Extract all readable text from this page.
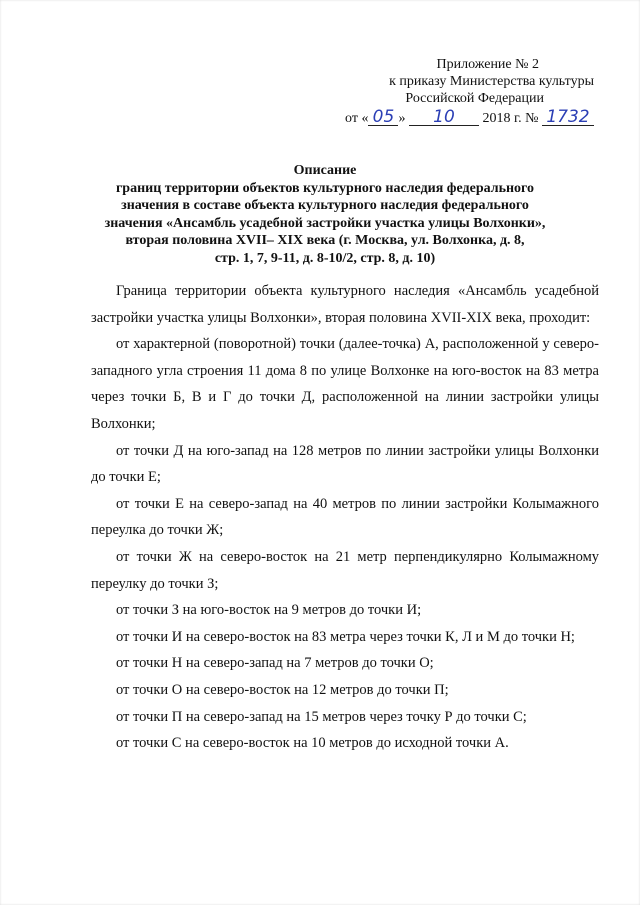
Приложение № 2
к приказу Министерства культуры
Российской Федерации
от « 05 » 10 2018 г. № 1732
Описание
границ территории объектов культурного наследия федерального
значения в составе объекта культурного наследия федерального
значения «Ансамбль усадебной застройки участка улицы Волхонки»,
вторая половина XVII– XIX века (г. Москва, ул. Волхонка, д. 8,
стр. 1, 7, 9-11, д. 8-10/2, стр. 8, д. 10)

Граница территории объекта культурного наследия «Ансамбль усадебной застройки участка улицы Волхонки», вторая половина XVII-XIX века, проходит:

от характерной (поворотной) точки (далее-точка) А, расположенной у северо-западного угла строения 11 дома 8 по улице Волхонке на юго-восток на 83 метра через точки Б, В и Г до точки Д, расположенной на линии застройки улицы Волхонки;

от точки Д на юго-запад на 128 метров по линии застройки улицы Волхонки до точки Е;

от точки Е на северо-запад на 40 метров по линии застройки Колымажного переулка до точки Ж;

от точки Ж на северо-восток на 21 метр перпендикулярно Колымажному переулку до точки З;

от точки З на юго-восток на 9 метров до точки И;

от точки И на северо-восток на 83 метра через точки К, Л и М до точки Н;

от точки Н на северо-запад на 7 метров до точки О;

от точки О на северо-восток на 12 метров до точки П;

от точки П на северо-запад на 15 метров через точку Р до точки С;

от точки С на северо-восток на 10 метров до исходной точки А.
